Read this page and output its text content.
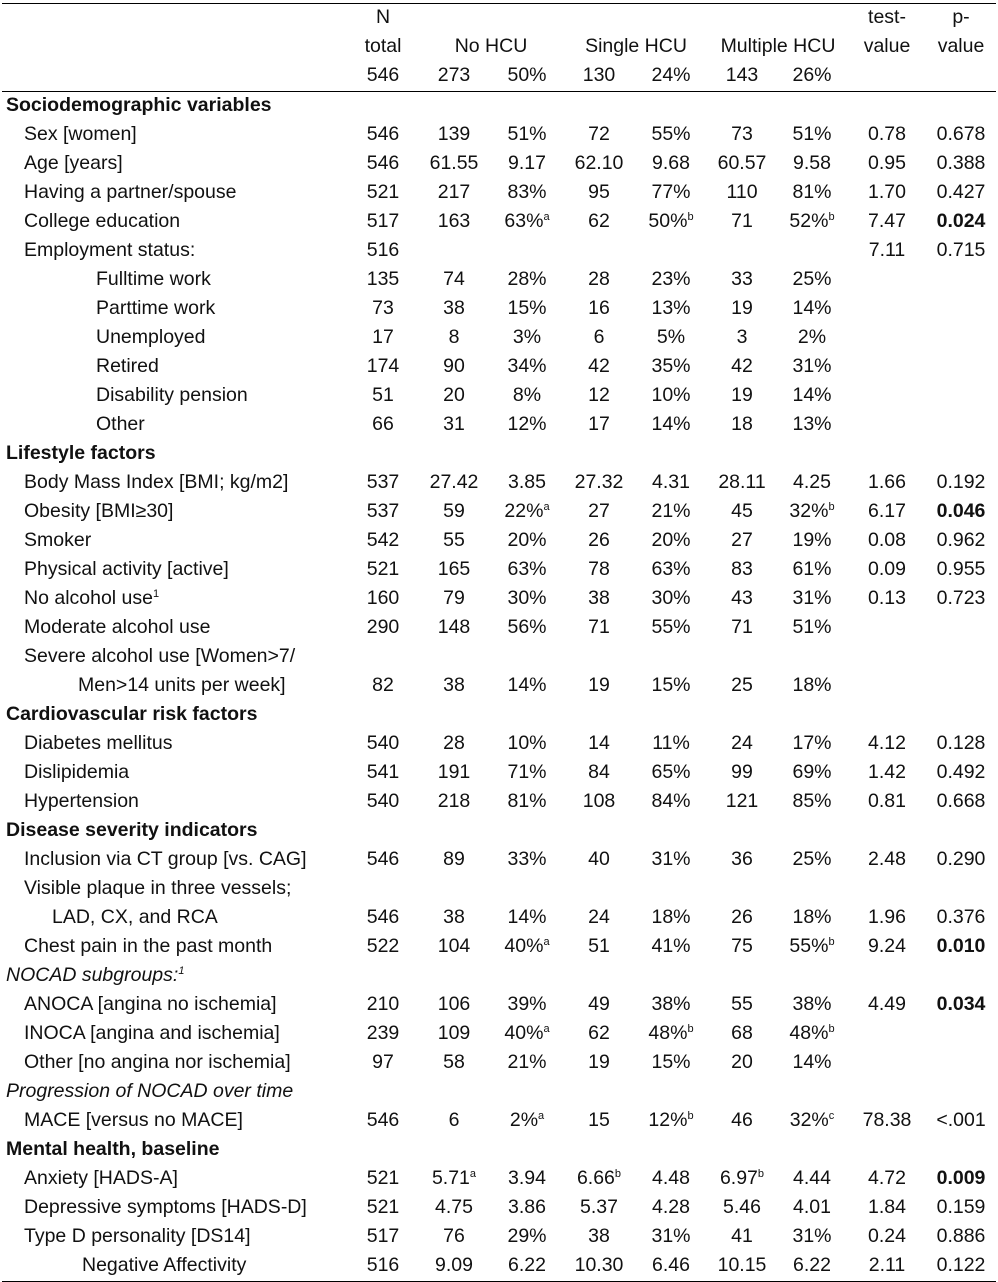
	N							test-	p-
	total	No HCU		Single HCU		Multiple HCU		value	value
	546	273	50%	130	24%	143	26%		
Sociodemographic variables									
Sex [women]	546	139	51%	72	55%	73	51%	0.78	0.678
Age [years]	546	61.55	9.17	62.10	9.68	60.57	9.58	0.95	0.388
Having a partner/spouse	521	217	83%	95	77%	110	81%	1.70	0.427
College education	517	163	63%$^a$	62	50%$^b$	71	52%$^b$	7.47	0.024
Employment status:	516							7.11	0.715
Fulltime work	135	74	28%	28	23%	33	25%		
Parttime work	73	38	15%	16	13%	19	14%		
Unemployed	17	8	3%	6	5%	3	2%		
Retired	174	90	34%	42	35%	42	31%		
Disability pension	51	20	8%	12	10%	19	14%		
Other	66	31	12%	17	14%	18	13%		
Lifestyle factors									
Body Mass Index [BMI; kg/m2]	537	27.42	3.85	27.32	4.31	28.11	4.25	1.66	0.192
Obesity [BMI≥30]	537	59	22%$^a$	27	21%	45	32%$^b$	6.17	0.046
Smoker	542	55	20%	26	20%	27	19%	0.08	0.962
Physical activity [active]	521	165	63%	78	63%	83	61%	0.09	0.955
No alcohol use$^1$	160	79	30%	38	30%	43	31%	0.13	0.723
Moderate alcohol use	290	148	56%	71	55%	71	51%		
Severe alcohol use [Women>7/									
Men>14 units per week]	82	38	14%	19	15%	25	18%		
Cardiovascular risk factors									
Diabetes mellitus	540	28	10%	14	11%	24	17%	4.12	0.128
Dislipidemia	541	191	71%	84	65%	99	69%	1.42	0.492
Hypertension	540	218	81%	108	84%	121	85%	0.81	0.668
Disease severity indicators									
Inclusion via CT group [vs. CAG]	546	89	33%	40	31%	36	25%	2.48	0.290
Visible plaque in three vessels;									
LAD, CX, and RCA	546	38	14%	24	18%	26	18%	1.96	0.376
Chest pain in the past month	522	104	40%$^a$	51	41%	75	55%$^b$	9.24	0.010
NOCAD subgroups:$^1$									
ANOCA [angina no ischemia]	210	106	39%	49	38%	55	38%	4.49	0.034
INOCA [angina and ischemia]	239	109	40%$^a$	62	48%$^b$	68	48%$^b$		
Other [no angina nor ischemia]	97	58	21%	19	15%	20	14%		
Progression of NOCAD over time									
MACE [versus no MACE]	546	6	2%$^a$	15	12%$^b$	46	32%$^c$	78.38	<.001
Mental health, baseline									
Anxiety [HADS-A]	521	5.71$^a$	3.94	6.66$^b$	4.48	6.97$^b$	4.44	4.72	0.009
Depressive symptoms [HADS-D]	521	4.75	3.86	5.37	4.28	5.46	4.01	1.84	0.159
Type D personality [DS14]	517	76	29%	38	31%	41	31%	0.24	0.886
Negative Affectivity	516	9.09	6.22	10.30	6.46	10.15	6.22	2.11	0.122
